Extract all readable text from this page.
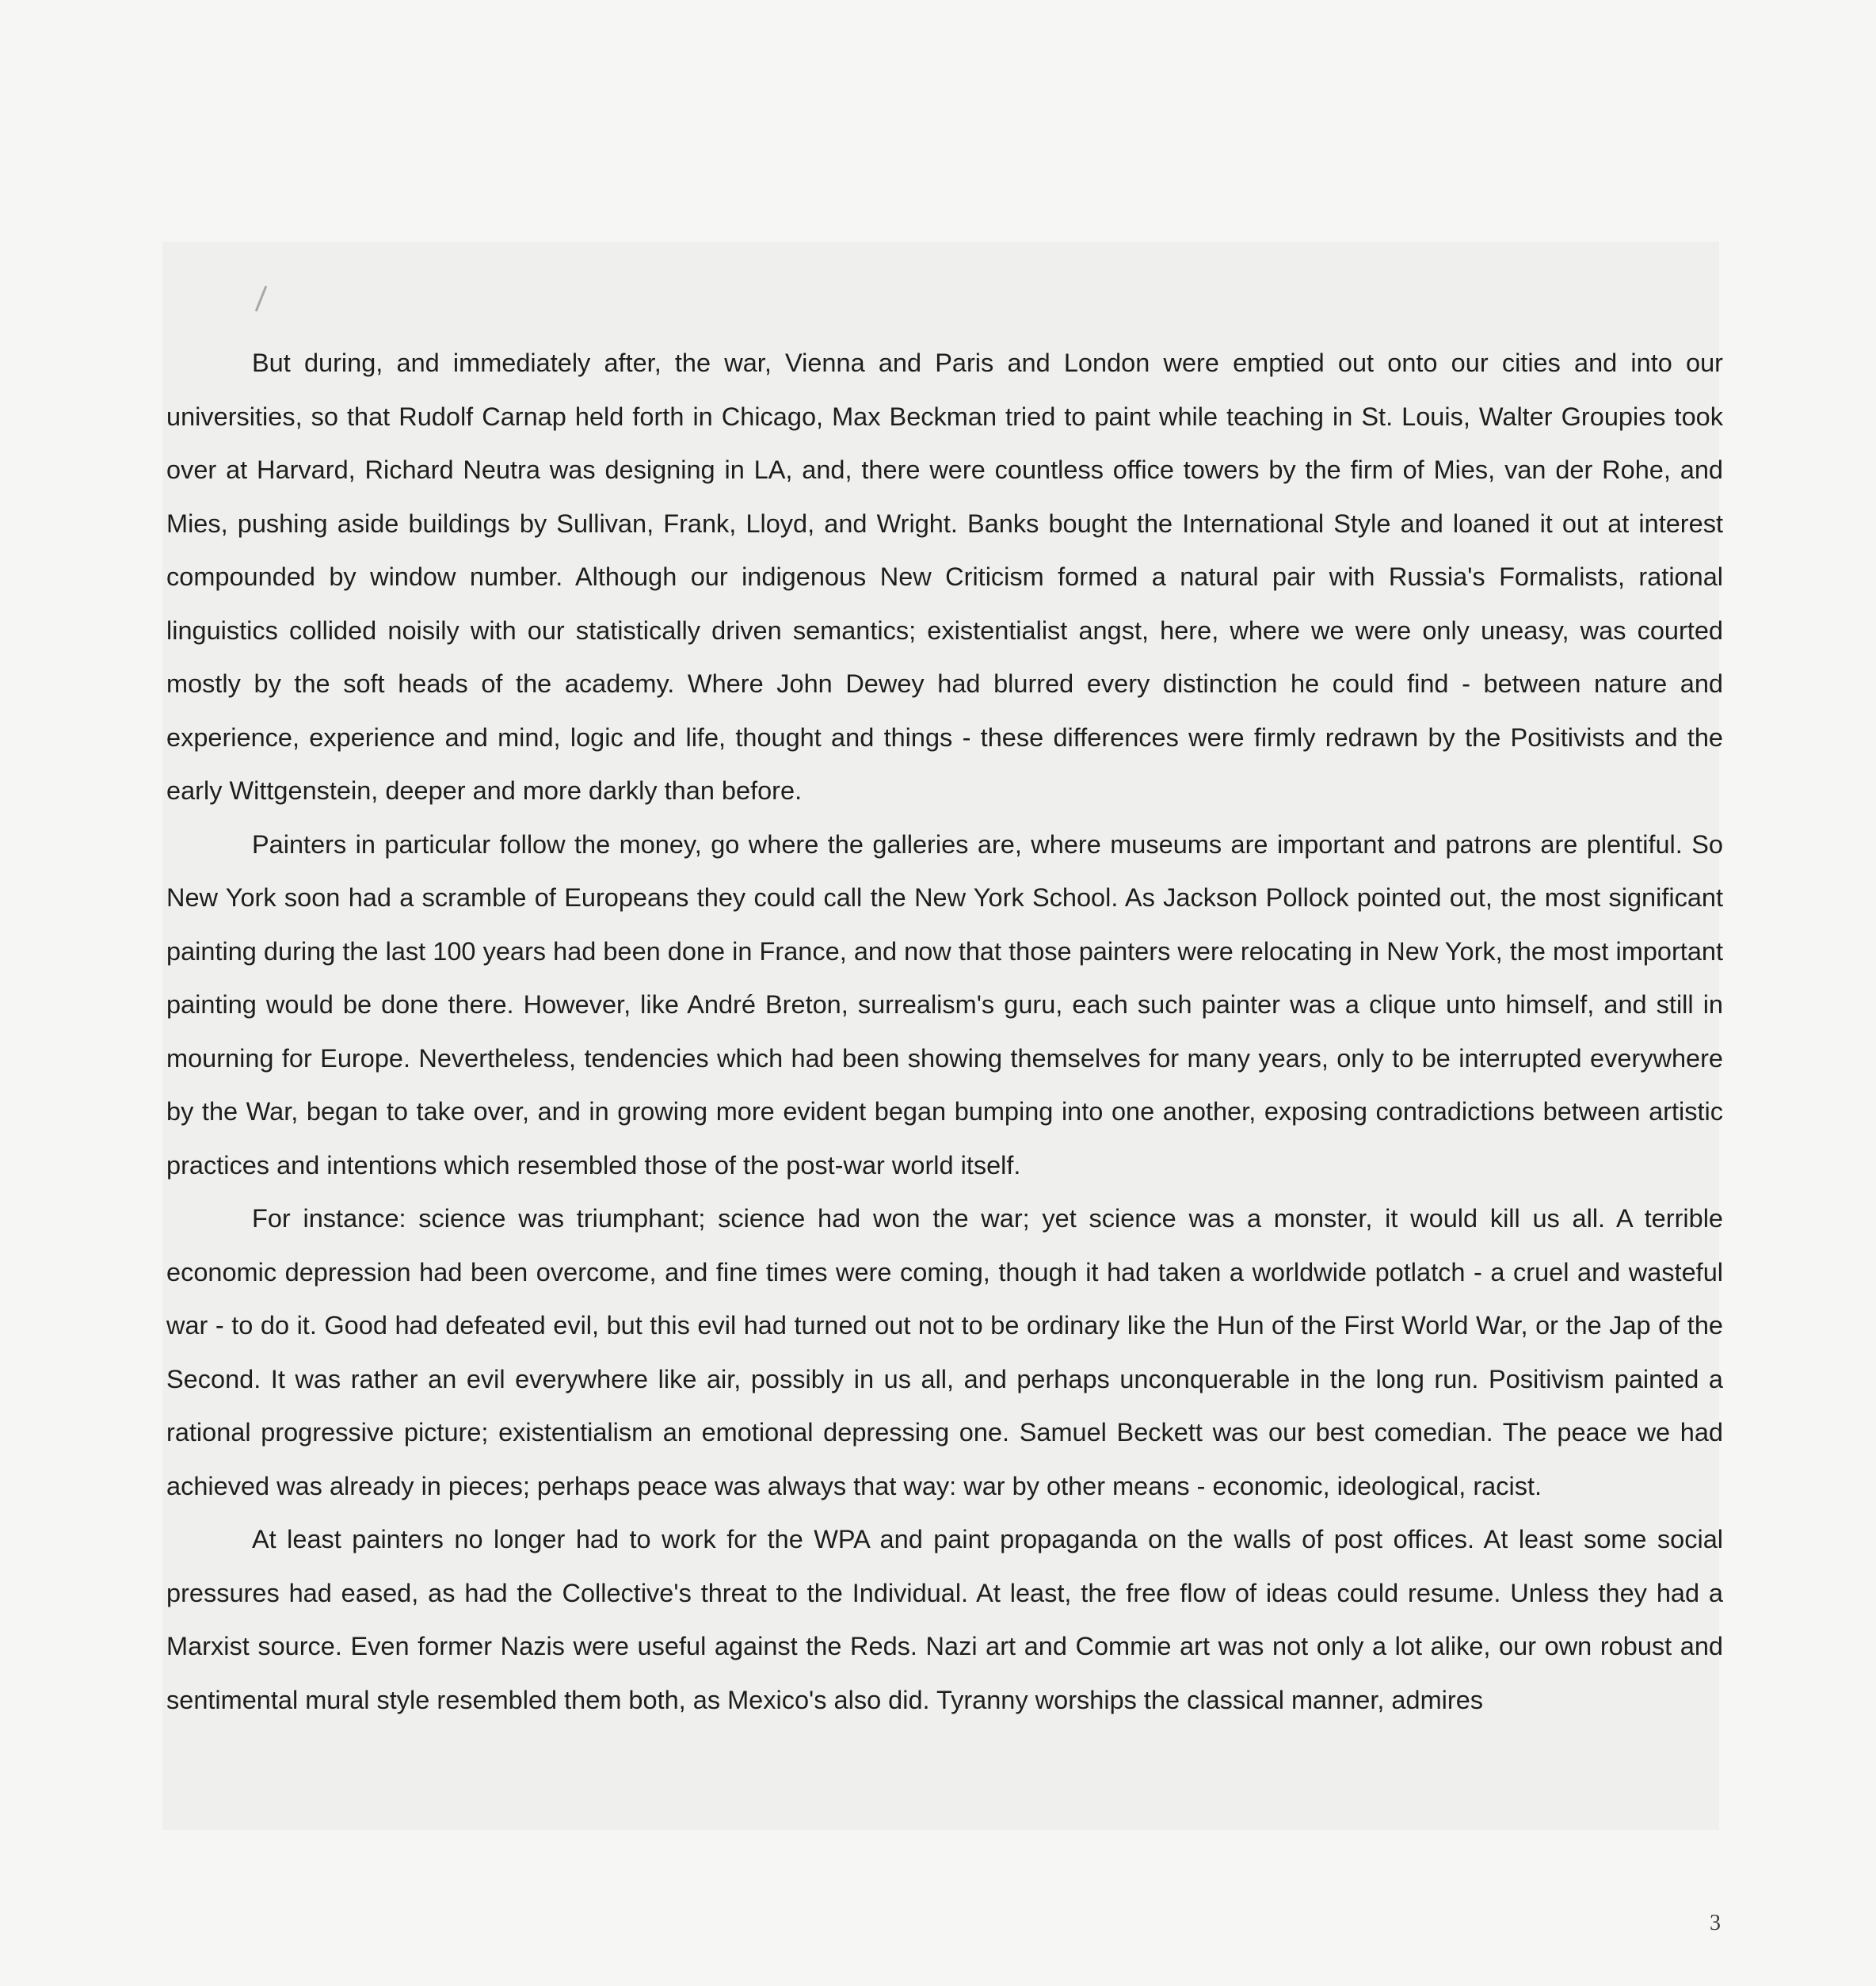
But during, and immediately after, the war, Vienna and Paris and London were emptied out onto our cities and into our universities, so that Rudolf Carnap held forth in Chicago, Max Beckman tried to paint while teaching in St. Louis, Walter Groupies took over at Harvard, Richard Neutra was designing in LA, and, there were countless office towers by the firm of Mies, van der Rohe, and Mies, pushing aside buildings by Sullivan, Frank, Lloyd, and Wright. Banks bought the International Style and loaned it out at interest compounded by window number. Although our indigenous New Criticism formed a natural pair with Russia's Formalists, rational linguistics collided noisily with our statistically driven semantics; existentialist angst, here, where we were only uneasy, was courted mostly by the soft heads of the academy. Where John Dewey had blurred every distinction he could find - between nature and experience, experience and mind, logic and life, thought and things - these differences were firmly redrawn by the Positivists and the early Wittgenstein, deeper and more darkly than before.

Painters in particular follow the money, go where the galleries are, where museums are important and patrons are plentiful. So New York soon had a scramble of Europeans they could call the New York School. As Jackson Pollock pointed out, the most significant painting during the last 100 years had been done in France, and now that those painters were relocating in New York, the most important painting would be done there. However, like André Breton, surrealism's guru, each such painter was a clique unto himself, and still in mourning for Europe. Nevertheless, tendencies which had been showing themselves for many years, only to be interrupted everywhere by the War, began to take over, and in growing more evident began bumping into one another, exposing contradictions between artistic practices and intentions which resembled those of the post-war world itself.

For instance: science was triumphant; science had won the war; yet science was a monster, it would kill us all. A terrible economic depression had been overcome, and fine times were coming, though it had taken a worldwide potlatch - a cruel and wasteful war - to do it. Good had defeated evil, but this evil had turned out not to be ordinary like the Hun of the First World War, or the Jap of the Second. It was rather an evil everywhere like air, possibly in us all, and perhaps unconquerable in the long run. Positivism painted a rational progressive picture; existentialism an emotional depressing one. Samuel Beckett was our best comedian. The peace we had achieved was already in pieces; perhaps peace was always that way: war by other means - economic, ideological, racist.

At least painters no longer had to work for the WPA and paint propaganda on the walls of post offices. At least some social pressures had eased, as had the Collective's threat to the Individual. At least, the free flow of ideas could resume. Unless they had a Marxist source. Even former Nazis were useful against the Reds. Nazi art and Commie art was not only a lot alike, our own robust and sentimental mural style resembled them both, as Mexico's also did. Tyranny worships the classical manner, admires

3
